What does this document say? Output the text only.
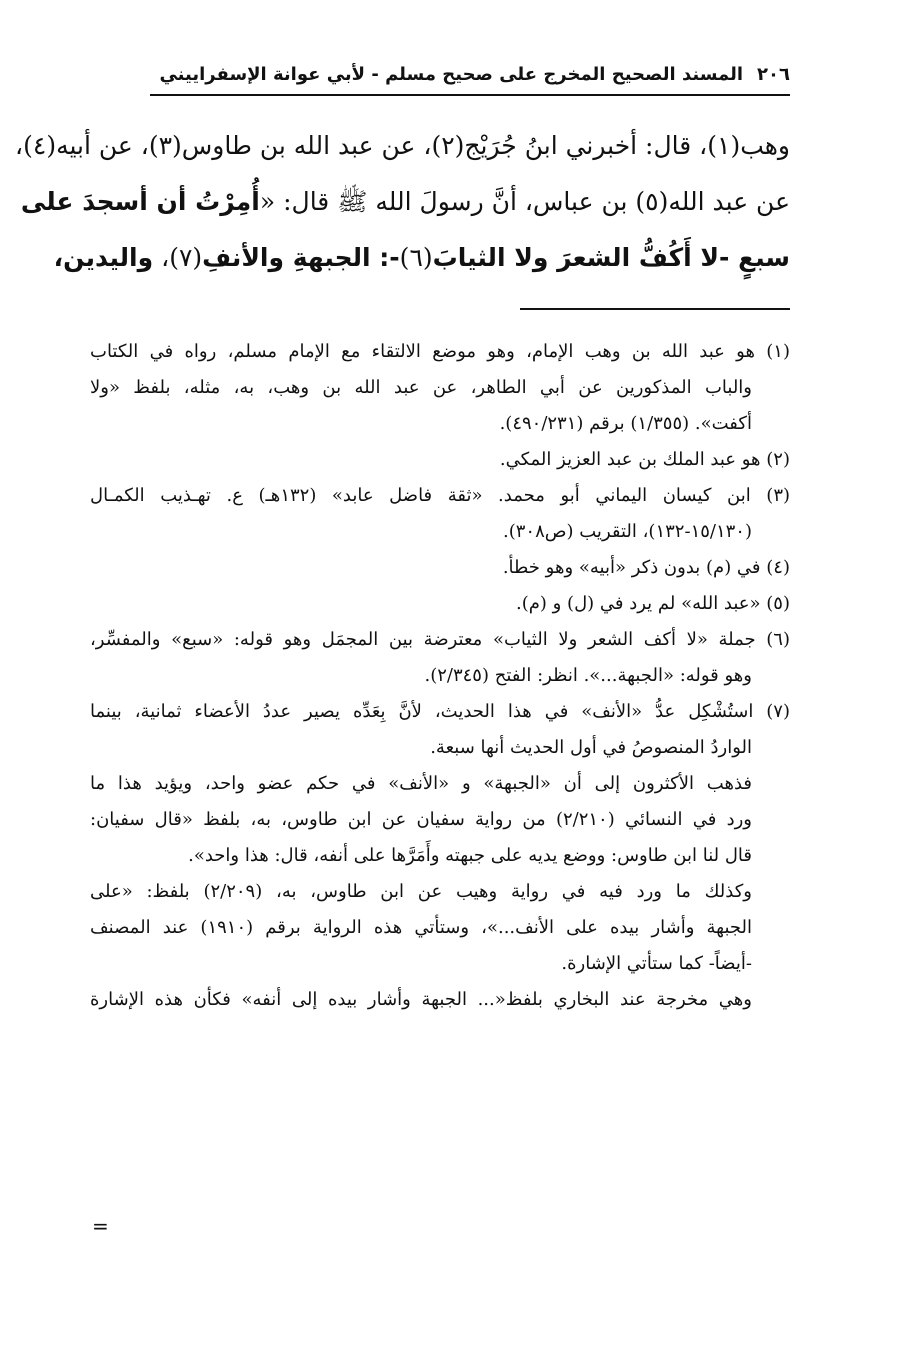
٢٠٦
المسند الصحيح المخرج على صحيح مسلم - لأبي عوانة الإسفراييني
وهب(١)، قال: أخبرني ابنُ جُرَيْج(٢)، عن عبد الله بن طاوس(٣)، عن أبيه(٤)،
عن عبد الله(٥) بن عباس، أنَّ رسولَ الله ﷺ قال: «أُمِرْتُ أن أسجدَ على
سبعٍ -لا أَكُفُّ الشعرَ ولا الثيابَ(٦)-: الجبهةِ والأنفِ(٧)، واليدين،
(١) هو عبد الله بن وهب الإمام، وهو موضع الالتقاء مع الإمام مسلم، رواه في الكتاب
والباب المذكورين عن أبي الطاهر، عن عبد الله بن وهب، به، مثله، بلفظ «ولا
أكفت». (١/٣٥٥) برقم (٤٩٠/٢٣١).
(٢) هو عبد الملك بن عبد العزيز المكي.
(٣) ابن كيسان اليماني أبو محمد. «ثقة فاضل عابد» (١٣٢هـ) ع. تهـذيب الكمـال
(١٥/١٣٠-١٣٢)، التقريب (ص٣٠٨).
(٤) في (م) بدون ذكر «أبيه» وهو خطأ.
(٥) «عبد الله» لم يرد في (ل) و (م).
(٦) جملة «لا أكف الشعر ولا الثياب» معترضة بين المجمَل وهو قوله: «سبع» والمفسِّر،
وهو قوله: «الجبهة...». انظر: الفتح (٢/٣٤٥).
(٧) استُشْكِل عدُّ «الأنف» في هذا الحديث، لأنَّ بِعَدِّه يصير عددُ الأعضاء ثمانية، بينما
الواردُ المنصوصُ في أول الحديث أنها سبعة.
فذهب الأكثرون إلى أن «الجبهة» و «الأنف» في حكم عضو واحد، ويؤيد هذا ما
ورد في النسائي (٢/٢١٠) من رواية سفيان عن ابن طاوس، به، بلفظ «قال سفيان:
قال لنا ابن طاوس: ووضع يديه على جبهته وأَمَرَّها على أنفه، قال: هذا واحد».
وكذلك ما ورد فيه في رواية وهيب عن ابن طاوس، به، (٢/٢٠٩) بلفظ: «على
الجبهة وأشار بيده على الأنف...»، وستأتي هذه الرواية برقم (١٩١٠) عند المصنف
-أيضاً- كما ستأتي الإشارة.
وهي مخرجة عند البخاري بلفظ«... الجبهة وأشار بيده إلى أنفه» فكأن هذه الإشارة
=
